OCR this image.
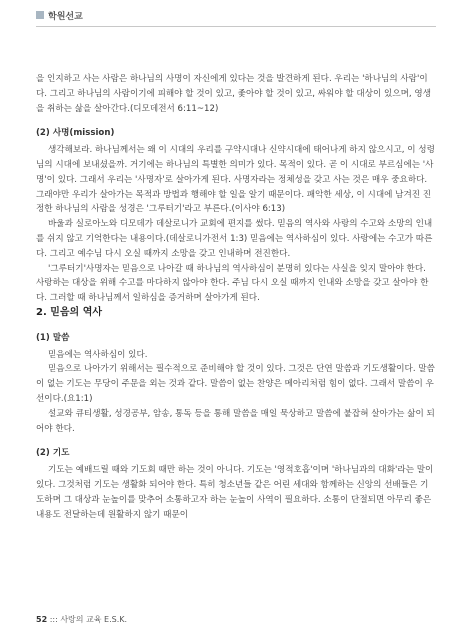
학원선교

을 인지하고 사는 사람은 하나님의 사명이 자신에게 있다는 것을 발견하게 된다. 우리는 '하나님의 사람'이다. 그리고 하나님의 사람이기에 피해야 할 것이 있고, 좇아야 할 것이 있고, 싸워야 할 대상이 있으며, 영생을 취하는 삶을 살아간다.(디모데전서 6:11~12)

(2) 사명(mission)

생각해보라. 하나님께서는 왜 이 시대의 우리를 구약시대나 신약시대에 태어나게 하지 않으시고, 이 성령님의 시대에 보내셨을까. 거기에는 하나님의 특별한 의미가 있다. 목적이 있다. 곧 이 시대로 부르심에는 '사명'이 있다. 그래서 우리는 '사명자'로 살아가게 된다. 사명자라는 정체성을 갖고 사는 것은 매우 중요하다. 그래야만 우리가 살아가는 목적과 방법과 행해야 할 일을 알기 때문이다. 패악한 세상, 이 시대에 남겨진 진정한 하나님의 사람을 성경은 '그루터기'라고 부른다.(이사야 6:13)

바울과 실로아노와 디모데가 데살로니가 교회에 편지를 썼다. 믿음의 역사와 사랑의 수고와 소망의 인내를 쉬지 않고 기억한다는 내용이다.(데살로니가전서 1:3) 믿음에는 역사하심이 있다. 사랑에는 수고가 따른다. 그리고 예수님 다시 오실 때까지 소망을 갖고 인내하며 전진한다.

'그루터기'사명자는 믿음으로 나아갈 때 하나님의 역사하심이 분명히 있다는 사실을 잊지 말아야 한다. 사랑하는 대상을 위해 수고를 마다하지 않아야 한다. 주님 다시 오실 때까지 인내와 소망을 갖고 살아야 한다. 그러할 때 하나님께서 일하심을 증거하며 살아가게 된다.

2. 믿음의 역사

(1) 말씀

믿음에는 역사하심이 있다.

믿음으로 나아가기 위해서는 필수적으로 준비해야 할 것이 있다. 그것은 단연 말씀과 기도생활이다. 말씀이 없는 기도는 무당이 주문을 외는 것과 같다. 말씀이 없는 찬양은 메아리처럼 힘이 없다. 그래서 말씀이 우선이다.(요1:1)

설교와 큐티생활, 성경공부, 암송, 통독 등을 통해 말씀을 매일 묵상하고 말씀에 붙잡혀 살아가는 삶이 되어야 한다.

(2) 기도

기도는 예배드릴 때와 기도회 때만 하는 것이 아니다. 기도는 '영적호흡'이며 '하나님과의 대화'라는 말이 있다. 그것처럼 기도는 생활화 되어야 한다. 특히 청소년들 같은 어린 세대와 함께하는 신앙의 선배들은 기도하며 그 대상과 눈높이를 맞추어 소통하고자 하는 눈높이 사역이 필요하다. 소통이 단절되면 아무리 좋은 내용도 전달하는데 원활하지 않기 때문이

52 ::: 사랑의 교육 E.S.K.
